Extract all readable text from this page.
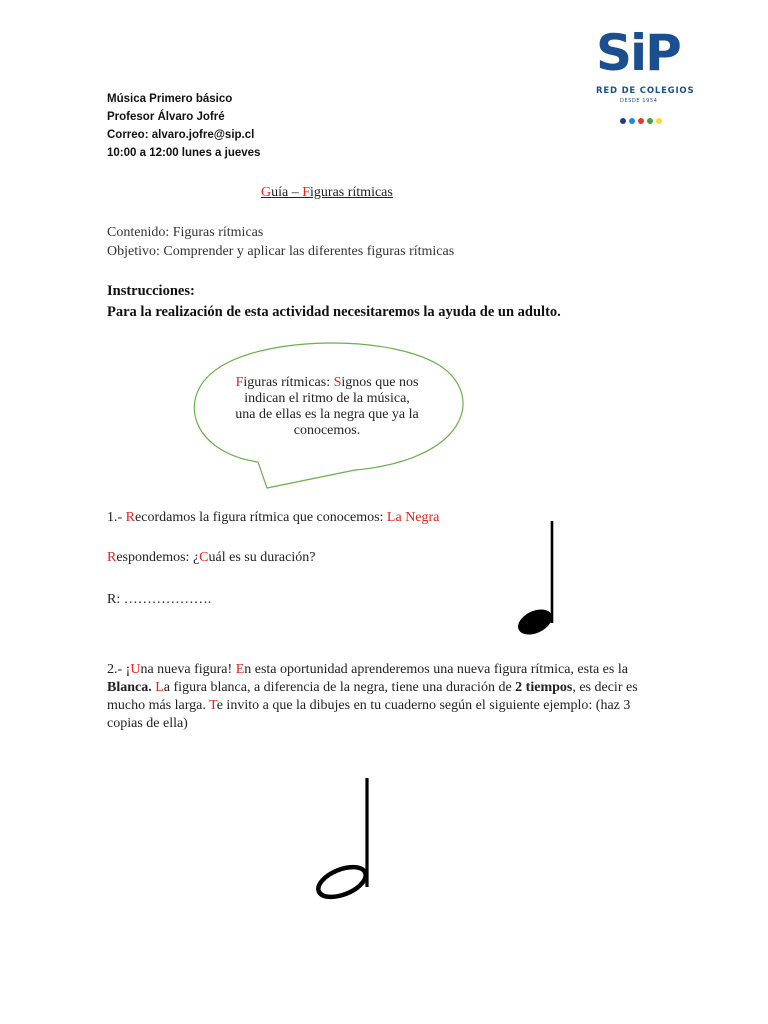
SiP
RED DE COLEGIOS
DESDE 1954
Música Primero básico
Profesor Álvaro Jofré
Correo: alvaro.jofre@sip.cl
10:00 a 12:00 lunes a jueves
Guía – Figuras rítmicas
Contenido: Figuras rítmicas
Objetivo: Comprender y aplicar las diferentes figuras rítmicas
Instrucciones:
Para la realización de esta actividad necesitaremos la ayuda de un adulto.
Figuras rítmicas: Signos que nos indican el ritmo de la música, una de ellas es la negra que ya la conocemos.
1.- Recordamos la figura rítmica que conocemos: La Negra
Respondemos: ¿Cuál es su duración?
R: ……………….
2.- ¡Una nueva figura! En esta oportunidad aprenderemos una nueva figura rítmica, esta es la Blanca. La figura blanca, a diferencia de la negra, tiene una duración de 2 tiempos, es decir es mucho más larga. Te invito a que la dibujes en tu cuaderno según el siguiente ejemplo: (haz 3 copias de ella)
